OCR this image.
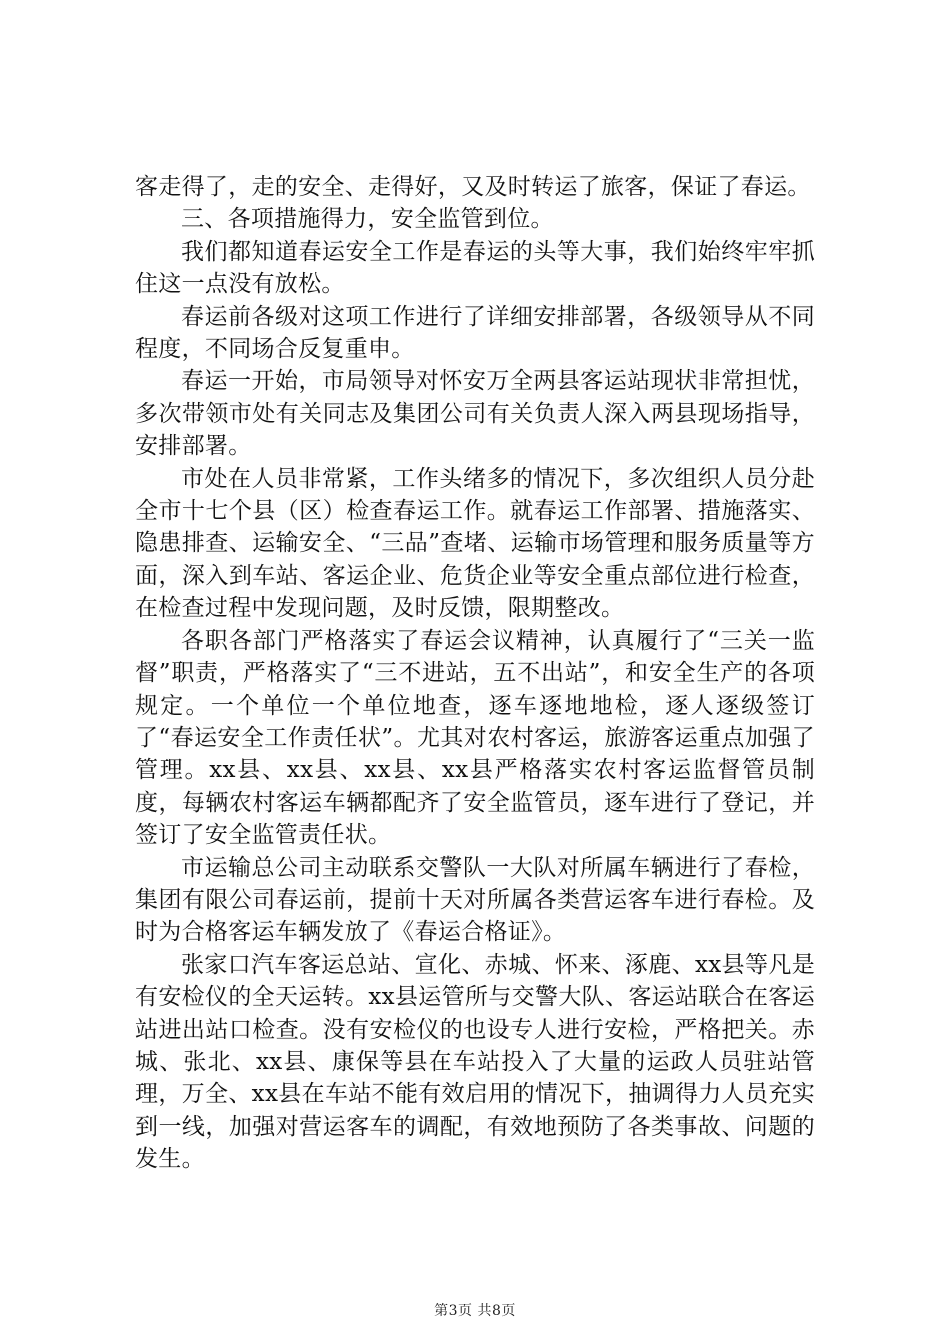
客走得了，走的安全、走得好，又及时转运了旅客，保证了春运。

三、各项措施得力，安全监管到位。

我们都知道春运安全工作是春运的头等大事，我们始终牢牢抓住这一点没有放松。

春运前各级对这项工作进行了详细安排部署，各级领导从不同程度，不同场合反复重申。

春运一开始，市局领导对怀安万全两县客运站现状非常担忧，多次带领市处有关同志及集团公司有关负责人深入两县现场指导，安排部署。

市处在人员非常紧，工作头绪多的情况下，多次组织人员分赴全市十七个县（区）检查春运工作。就春运工作部署、措施落实、隐患排查、运输安全、“三品”查堵、运输市场管理和服务质量等方面，深入到车站、客运企业、危货企业等安全重点部位进行检查，在检查过程中发现问题，及时反馈，限期整改。

各职各部门严格落实了春运会议精神，认真履行了“三关一监督”职责，严格落实了“三不进站，五不出站”，和安全生产的各项规定。一个单位一个单位地查，逐车逐地地检，逐人逐级签订了“春运安全工作责任状”。尤其对农村客运，旅游客运重点加强了管理。xx县、xx县、xx县、xx县严格落实农村客运监督管员制度，每辆农村客运车辆都配齐了安全监管员，逐车进行了登记，并签订了安全监管责任状。

市运输总公司主动联系交警队一大队对所属车辆进行了春检，集团有限公司春运前，提前十天对所属各类营运客车进行春检。及时为合格客运车辆发放了《春运合格证》。

张家口汽车客运总站、宣化、赤城、怀来、涿鹿、xx县等凡是有安检仪的全天运转。xx县运管所与交警大队、客运站联合在客运站进出站口检查。没有安检仪的也设专人进行安检，严格把关。赤城、张北、xx县、康保等县在车站投入了大量的运政人员驻站管理，万全、xx县在车站不能有效启用的情况下，抽调得力人员充实到一线，加强对营运客车的调配，有效地预防了各类事故、问题的发生。

第3页 共8页
